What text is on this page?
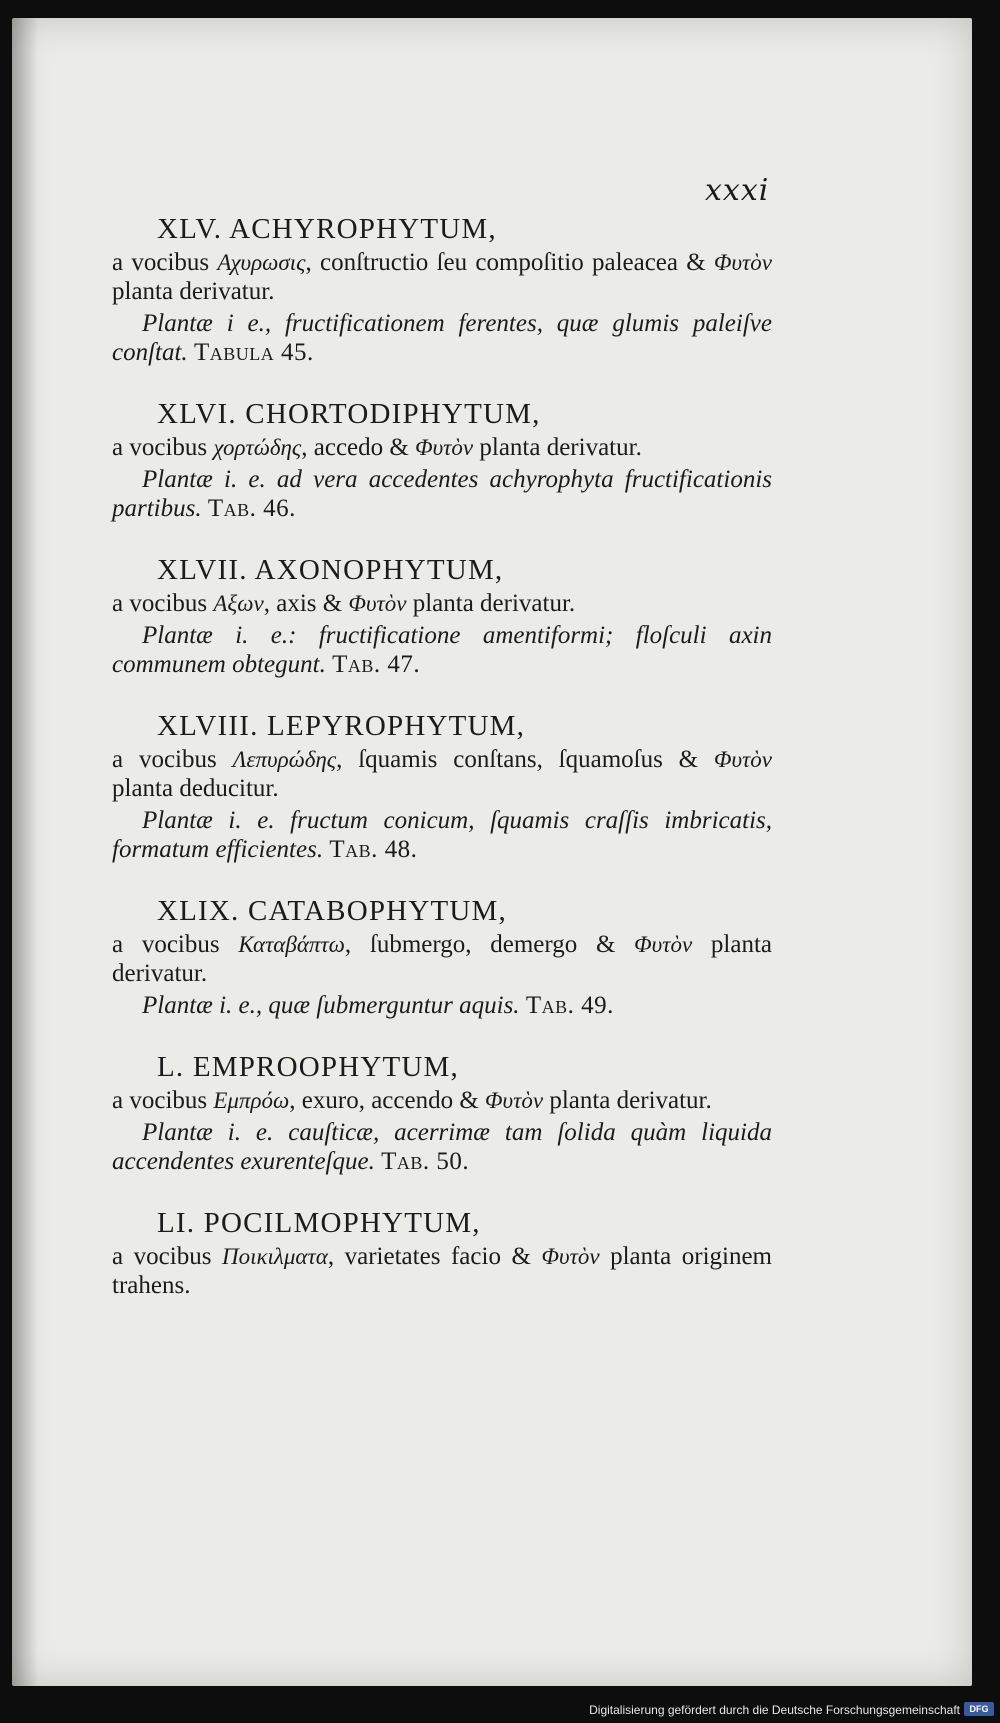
xxxi
XLV. ACHYROPHYTUM,

a vocibus Αχυρωσις, conſtructio ſeu compoſitio paleacea & Φυτὸν planta derivatur.

Plantæ i e., fructificationem ferentes, quæ glumis paleiſve conſtat. Tabula 45.

XLVI. CHORTODIPHYTUM,

a vocibus χορτώδης, accedo & Φυτὸν planta derivatur.

Plantæ i. e. ad vera accedentes achyrophyta fructificationis partibus. Tab. 46.

XLVII. AXONOPHYTUM,

a vocibus Αξων, axis & Φυτὸν planta derivatur.

Plantæ i. e.: fructificatione amentiformi; floſculi axin communem obtegunt. Tab. 47.

XLVIII. LEPYROPHYTUM,

a vocibus Λεπυρώδης, ſquamis conſtans, ſquamoſus & Φυτὸν planta deducitur.

Plantæ i. e. fructum conicum, ſquamis craſſis imbricatis, formatum efficientes. Tab. 48.

XLIX. CATABOPHYTUM,

a vocibus Καταβάπτω, ſubmergo, demergo & Φυτὸν planta derivatur.

Plantæ i. e., quæ ſubmerguntur aquis. Tab. 49.

L. EMPROOPHYTUM,

a vocibus Εμπρόω, exuro, accendo & Φυτὸν planta derivatur.

Plantæ i. e. cauſticæ, acerrimæ tam ſolida quàm liquida accendentes exurenteſque. Tab. 50.

LI. POCILMOPHYTUM,

a vocibus Ποικιλματα, varietates facio & Φυτὸν planta originem trahens.

Digitalisierung gefördert durch die Deutsche Forschungsgemeinschaft	DFG
